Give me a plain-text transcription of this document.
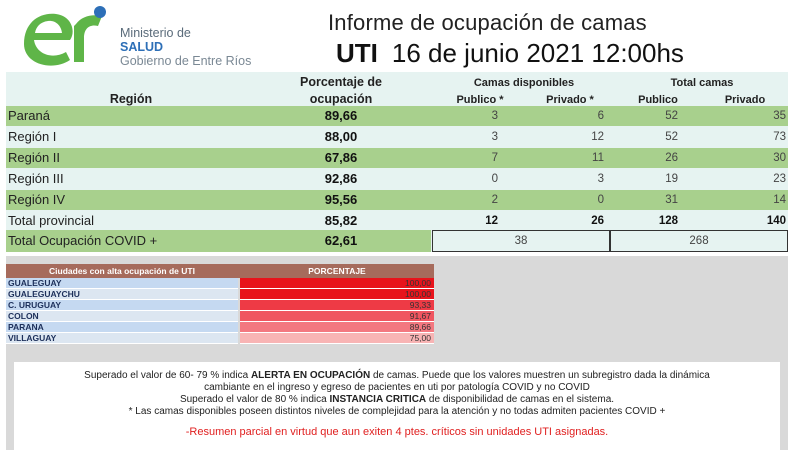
Ministerio de
SALUD
Gobierno de Entre Ríos
Informe de ocupación de camas
UTI 16 de junio 2021 12:00hs
Porcentaje de
ocupación
Camas disponibles	Total camas
Región	Publico *	Privado *	Publico	Privado
Paraná	89,66	3	6	52	35
Región I	88,00	3	12	52	73
Región II	67,86	7	11	26	30
Región III	92,86	0	3	19	23
Región IV	95,56	2	0	31	14
Total provincial	85,82	12	26	128	140
Total Ocupación COVID +	62,61	38	268
Ciudades con alta ocupación de UTI	PORCENTAJE
GUALEGUAY	100,00
GUALEGUAYCHU	100,00
C. URUGUAY	93,33
COLON	91,67
PARANA	89,66
VILLAGUAY	75,00

Superado el valor de 60- 79 % indica ALERTA EN OCUPACIÓN de camas. Puede que los valores muestren un subregistro dada la dinámica

cambiante en el ingreso y egreso de pacientes en uti por patología COVID y no COVID

Superado el valor de 80 % indica INSTANCIA CRITICA de disponibilidad de camas en el sistema.

* Las camas disponibles poseen distintos niveles de complejidad para la atención y no todas admiten pacientes COVID +

-Resumen parcial en virtud que aun exiten 4 ptes. críticos sin unidades UTI asignadas.
